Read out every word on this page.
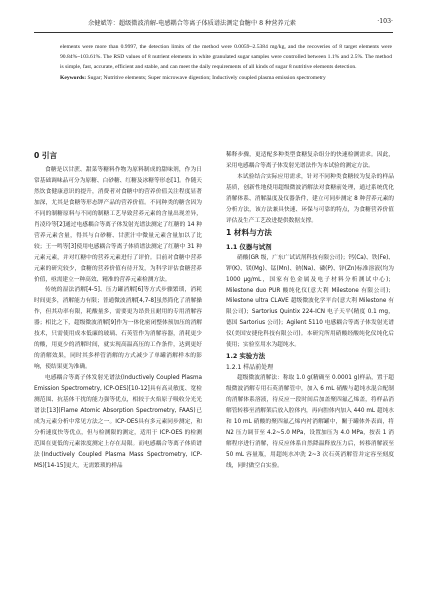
余健斌等：超级微波消解-电感耦合等离子体质谱法测定食糖中 8 种营养元素	·103·

elements were more than 0.9997, the detection limits of the method were 0.0059~2.5384 mg/kg, and the recoveries of 8 target elements were 90.84%~103.61%. The RSD values of 8 nutrient elements in white granulated sugar samples were controlled between 1.1% and 2.5%. The method is simple, fast, accurate, efficient and stable, and can meet the daily requirements of all kinds of sugar 8 nutritive elements detection.

Keywords: Sugar; Nutritive elements; Super microwave digestion; Inductively coupled plasma emission spectrometry

0 引言

食糖是以甘蔗、甜菜等糖料作物为原料制成的甜味剂，作为日常基础调味品可分为原糖、白砂糖、红糖及冰糖等形态[1]。作随天然饮食健康意识的提升，消费者对食糖中的营养价值关注程度显著加深，尤其是食糖等形态钾产品的营养价值。不同种类的糖含因为不同的制糖原料与不同的制糖工艺导致营养元素的含量出现差异，肖凌玲等[2]通过电感耦合等离子体发射光谱法测定了红糖的 14 种营养元素含量，得其与白砂糖、甘蔗汁中微量元素含量加以了比较；王一鸣等[3]使用电感耦合等离子体质谱法测定了红糖中 31 种元素元素，并对红糖中的营养元素进行了评价。目前对食糖中营养元素的研究较少，食糖的营养价值有待开发，为科学评估食糖营养价值，亟需建立一种高效、精准的营养元素检测方法。

传统的湿法消解[4-5]、压力罐消解[6]等方式步骤繁琐，消耗时间更多，消解能力有限；普通微波消解[4,7-8]虽然简化了消解操作，但其功率有限，耗酸量多，需要更为昂贵且耐用的专用消解容器；相比之下，超级微波消解[9]作为一体化密闭整体预加压的消解技术，只需使用成本低廉的玻璃、石英管作为消解容器，消耗更少的酸，用更少的消解时间，就实现高温高压的工作条件，达到更好的消解效果，同时其多样管消解的方式减少了单罐消解样本的影响，使结果更为准确。

电感耦合等离子体发射光谱法(Inductively Coupled Plasma Emission Spectrometry, ICP-OES)[10-12]具有高灵敏度、宽检测范围、抗基体干扰的能力强等优点，相较于火焰原子吸收分光光谱法[13](Flame Atomic Absorption Spectrometry, FAAS)已成为元素分析中常见方法之一。ICP-OES具有多元素同步测定，和分析速度快等优点，但与检测限的测定，适用于 ICP-OES 的检测范围在更低的元素浓度测定上存在局限。而电感耦合等离子体质谱法(Inductively Coupled Plasma Mass Spectrometry, ICP-MS)[14-15]更大，无需繁琐的样品

稀释步骤，更适配多种类型食糖复杂组分的快速检测需求。因此，采用电感耦合等离子体发射光谱法作为本试验的测定方法。

本试验结合实际应用需求，针对不同种类食糖较为复杂的样品基质，创新性地使用超级微波消解法对食糖前处理，通过系统优化消解体系、消解温度及仪器条件，建立可同步测定 8 种营养元素的分析方法，该方法兼具快速、环保与可靠的特点，为食糖营养价值评估及生产工艺改进提供数据支撑。

1 材料与方法

1.1 仪器与试剂

硝酸(GR 级，广东广试试剂科技有限公司)；钙(Ca)、铁(Fe)、钾(K)、镁(Mg)、锰(Mn)、钠(Na)、磷(P)、锌(Zn)标准溶液(均为1000 μg/mL，国家有色金属及电子材料分析测试中心)；Milestone duo PUR 酸纯化仪(意大利 Milestone 有限公司)；Milestone ultra CLAVE 超级微波化学平台(意大利 Milestone 有限公司)；Sartorius Quintix 224-ICN 电子天平(精度 0.1 mg，德国 Sartorius 公司)；Agilent 5110 电感耦合等离子体发射光谱仪(美国安捷伦科技有限公司)。本研究所用硝酸经酸纯化仪纯化后使用；实验室用水为超纯水。

1.2 实验方法

1.2.1 样品前处理

超级微波消解法：称取 1.0 g(精确至 0.0001 g)样品，置于超级微波消解专用石英消解管中，加入 6 mL 硝酸与超纯水混合配制的消解体系溶液，待反应一段时间后加盖聚四氟乙烯盖，将样品消解管转移至消解架后放入腔体内，再向腔体内加入 440 mL 超纯水和 10 mL 硝酸的聚四氟乙烯内衬消解罐中，關于罐体外表面，将 N2 压力调节至 4.2~5.0 MPa，设置加压为 4.0 MPa，按表 1 消解程序进行消解，待反应体系自然降温释放压力后，转移消解液至 50 mL 容量瓶，用超纯水冲洗 2~3 次石英消解管并定容至刻度线，同时做空白实验。
